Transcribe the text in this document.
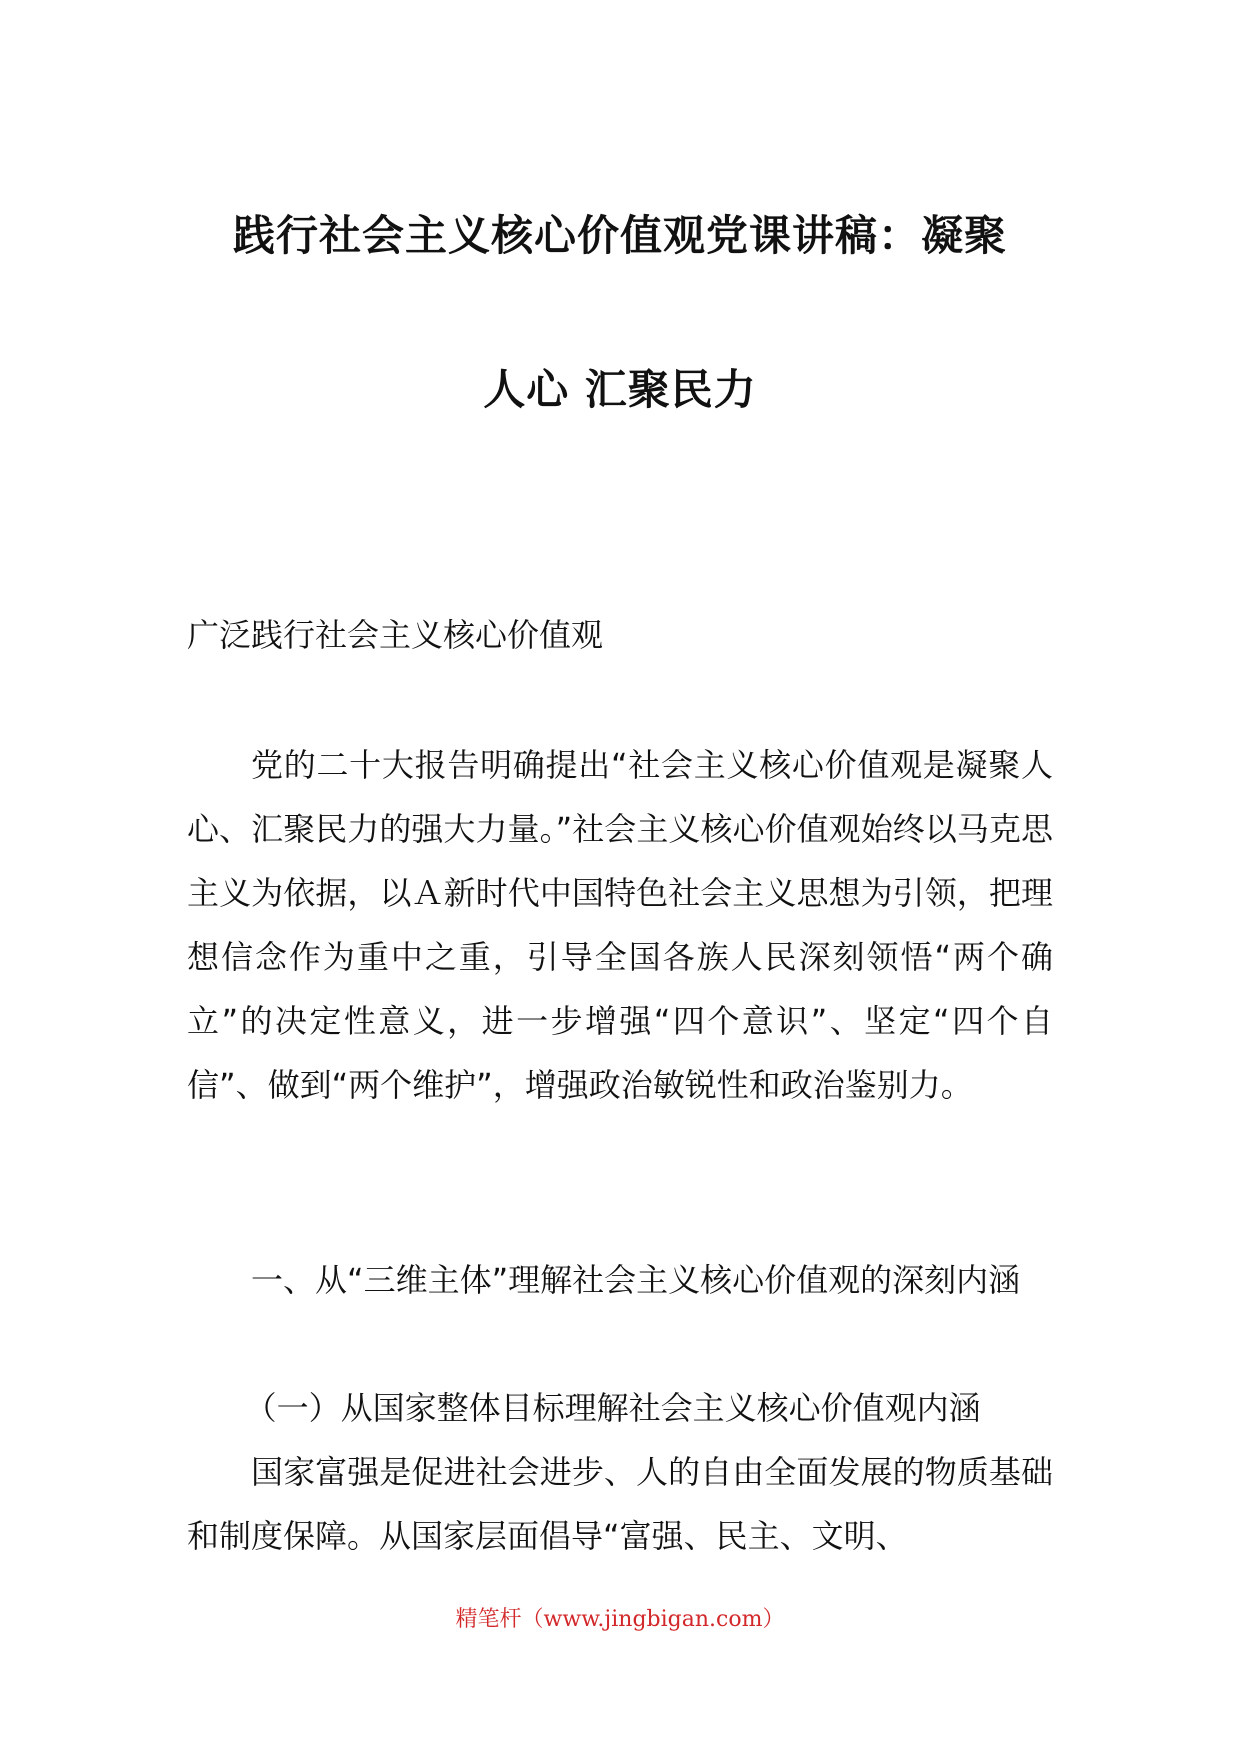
践行社会主义核心价值观党课讲稿：凝聚
人心 汇聚民力

广泛践行社会主义核心价值观

党的二十大报告明确提出“社会主义核心价值观是凝聚人心、汇聚民力的强大力量。”社会主义核心价值观始终以马克思主义为依据，以Ａ新时代中国特色社会主义思想为引领，把理想信念作为重中之重，引导全国各族人民深刻领悟“两个确立”的决定性意义，进一步增强“四个意识”、坚定“四个自信”、做到“两个维护”，增强政治敏锐性和政治鉴别力。

一、从“三维主体”理解社会主义核心价值观的深刻内涵

（一）从国家整体目标理解社会主义核心价值观内涵

国家富强是促进社会进步、人的自由全面发展的物质基础和制度保障。从国家层面倡导“富强、民主、文明、

精笔杆（www.jingbigan.com）
